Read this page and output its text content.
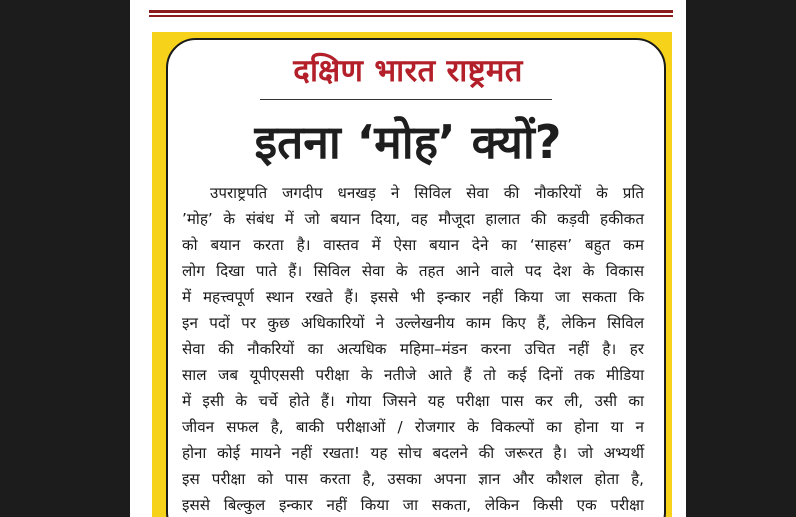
दक्षिण भारत राष्ट्रमत
इतना ‘मोह’ क्यों?
उपराष्ट्रपति जगदीप धनखड़ ने सिविल सेवा की नौकरियों के प्रति
’मोह’ के संबंध में जो बयान दिया, वह मौजूदा हालात की कड़वी हकीकत
को बयान करता है। वास्तव में ऐसा बयान देने का ‘साहस’ बहुत कम
लोग दिखा पाते हैं। सिविल सेवा के तहत आने वाले पद देश के विकास
में महत्त्वपूर्ण स्थान रखते हैं। इससे भी इन्कार नहीं किया जा सकता कि
इन पदों पर कुछ अधिकारियों ने उल्लेखनीय काम किए हैं, लेकिन सिविल
सेवा की नौकरियों का अत्यधिक महिमा–मंडन करना उचित नहीं है। हर
साल जब यूपीएससी परीक्षा के नतीजे आते हैं तो कई दिनों तक मीडिया
में इसी के चर्चे होते हैं। गोया जिसने यह परीक्षा पास कर ली, उसी का
जीवन सफल है, बाकी परीक्षाओं / रोजगार के विकल्पों का होना या न
होना कोई मायने नहीं रखता! यह सोच बदलने की जरूरत है। जो अभ्यर्थी
इस परीक्षा को पास करता है, उसका अपना ज्ञान और कौशल होता है,
इससे बिल्कुल इन्कार नहीं किया जा सकता, लेकिन किसी एक परीक्षा
